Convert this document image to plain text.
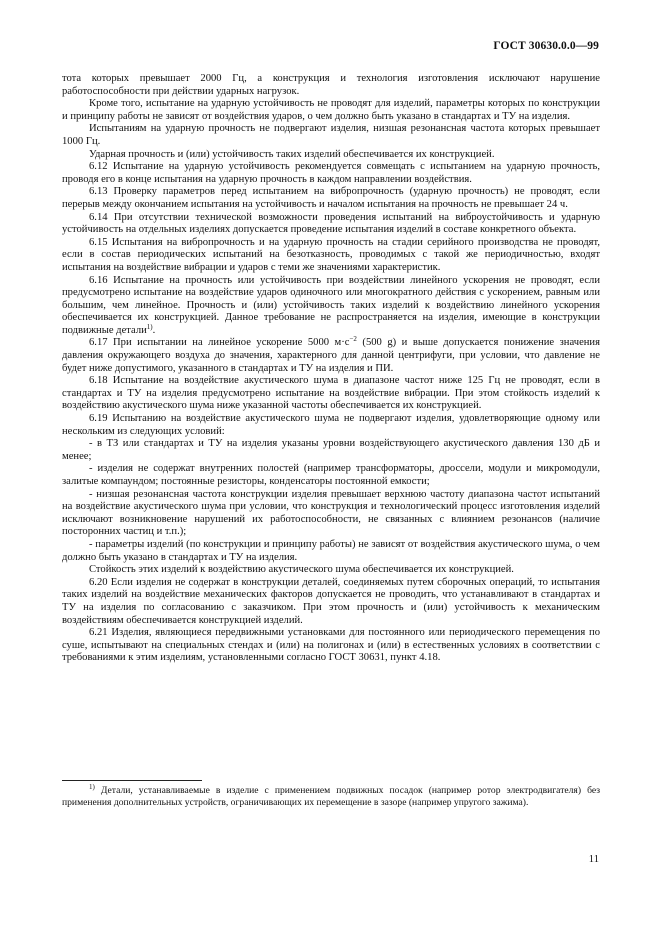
ГОСТ 30630.0.0—99

тота которых превышает 2000 Гц, а конструкция и технология изготовления исключают нарушение работоспособности при действии ударных нагрузок.

Кроме того, испытание на ударную устойчивость не проводят для изделий, параметры которых по конструкции и принципу работы не зависят от воздействия ударов, о чем должно быть указано в стандартах и ТУ на изделия.

Испытаниям на ударную прочность не подвергают изделия, низшая резонансная частота которых превышает 1000 Гц.

Ударная прочность и (или) устойчивость таких изделий обеспечивается их конструкцией.

6.12 Испытание на ударную устойчивость рекомендуется совмещать с испытанием на ударную прочность, проводя его в конце испытания на ударную прочность в каждом направлении воздействия.

6.13 Проверку параметров перед испытанием на вибропрочность (ударную прочность) не проводят, если перерыв между окончанием испытания на устойчивость и началом испытания на прочность не превышает 24 ч.

6.14 При отсутствии технической возможности проведения испытаний на виброустойчивость и ударную устойчивость на отдельных изделиях допускается проведение испытания изделий в составе конкретного объекта.

6.15 Испытания на вибропрочность и на ударную прочность на стадии серийного производства не проводят, если в состав периодических испытаний на безотказность, проводимых с такой же периодичностью, входят испытания на воздействие вибрации и ударов с теми же значениями характеристик.

6.16 Испытание на прочность или устойчивость при воздействии линейного ускорения не проводят, если предусмотрено испытание на воздействие ударов одиночного или многократного действия с ускорением, равным или большим, чем линейное. Прочность и (или) устойчивость таких изделий к воздействию линейного ускорения обеспечивается их конструкцией. Данное требование не распространяется на изделия, имеющие в конструкции подвижные детали$^{1)}$.

6.17 При испытании на линейное ускорение 5000 $м\cdot с^{-2}$ (500 g) и выше допускается понижение значения давления окружающего воздуха до значения, характерного для данной центрифуги, при условии, что давление не будет ниже допустимого, указанного в стандартах и ТУ на изделия и ПИ.

6.18 Испытание на воздействие акустического шума в диапазоне частот ниже 125 Гц не проводят, если в стандартах и ТУ на изделия предусмотрено испытание на воздействие вибрации. При этом стойкость изделий к воздействию акустического шума ниже указанной частоты обеспечивается их конструкцией.

6.19 Испытанию на воздействие акустического шума не подвергают изделия, удовлетворяющие одному или нескольким из следующих условий:

- в ТЗ или стандартах и ТУ на изделия указаны уровни воздействующего акустического давления 130 дБ и менее;

- изделия не содержат внутренних полостей (например трансформаторы, дроссели, модули и микромодули, залитые компаундом; постоянные резисторы, конденсаторы постоянной емкости;

- низшая резонансная частота конструкции изделия превышает верхнюю частоту диапазона частот испытаний на воздействие акустического шума при условии, что конструкция и технологический процесс изготовления изделий исключают возникновение нарушений их работоспособности, не связанных с влиянием резонансов (наличие посторонних частиц и т.п.);

- параметры изделий (по конструкции и принципу работы) не зависят от воздействия акустического шума, о чем должно быть указано в стандартах и ТУ на изделия.

Стойкость этих изделий к воздействию акустического шума обеспечивается их конструкцией.

6.20 Если изделия не содержат в конструкции деталей, соединяемых путем сборочных операций, то испытания таких изделий на воздействие механических факторов допускается не проводить, что устанавливают в стандартах и ТУ на изделия по согласованию с заказчиком. При этом прочность и (или) устойчивость к механическим воздействиям обеспечивается конструкцией изделий.

6.21 Изделия, являющиеся передвижными установками для постоянного или периодического перемещения по суше, испытывают на специальных стендах и (или) на полигонах и (или) в естественных условиях в соответствии с требованиями к этим изделиям, установленными согласно ГОСТ 30631, пункт 4.18.

$^{1)}$ Детали, устанавливаемые в изделие с применением подвижных посадок (например ротор электродвигателя) без применения дополнительных устройств, ограничивающих их перемещение в зазоре (например упругого зажима).
11
